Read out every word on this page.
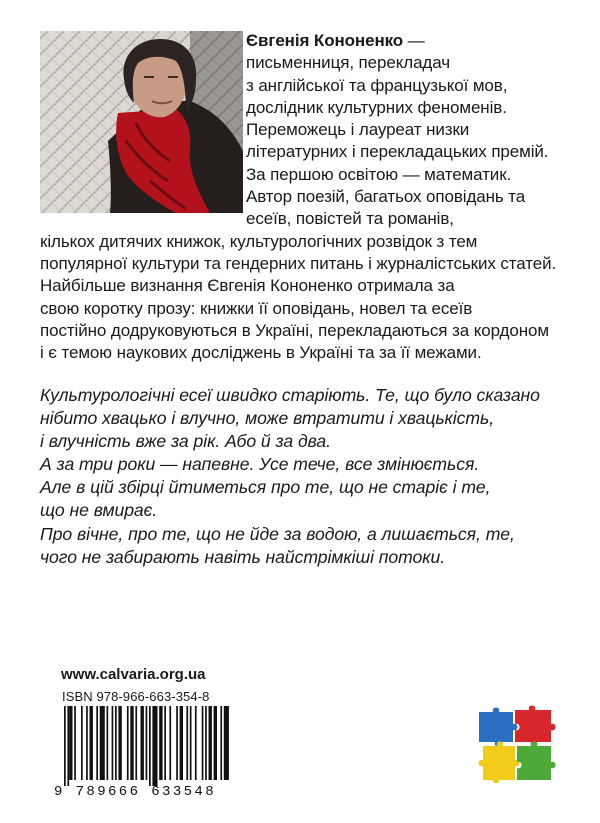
Євгенія Кононенко —
письменниця, перекладач
з англійської та французької мов,
дослідник культурних феноменів.
Переможець і лауреат низки
літературних і перекладацьких премій.
За першою освітою — математик.
Автор поезій, багатьох оповідань та
есеїв, повістей та романів,
кількох дитячих книжок, культурологічних розвідок з тем
популярної культури та гендерних питань і журналістських статей.
Найбільше визнання Євгенія Кононенко отримала за
свою коротку прозу: книжки її оповідань, новел та есеїв
постійно додруковуються в Україні, перекладаються за кордоном
і є темою наукових досліджень в Україні та за її межами.
Культурологічні есеї швидко старіють. Те, що було сказано
нібито хвацько і влучно, може втратити і хвацькість,
і влучність вже за рік. Або й за два.
А за три роки — напевне. Усе тече, все змінюється.
Але в цій збірці йтиметься про те, що не старіє і те,
що не вмирає.
Про вічне, про те, що не йде за водою, а лишається, те,
чого не забирають навіть найстрімкіші потоки.
www.calvaria.org.ua
ISBN 978-966-663-354-8
9 789666 633548
